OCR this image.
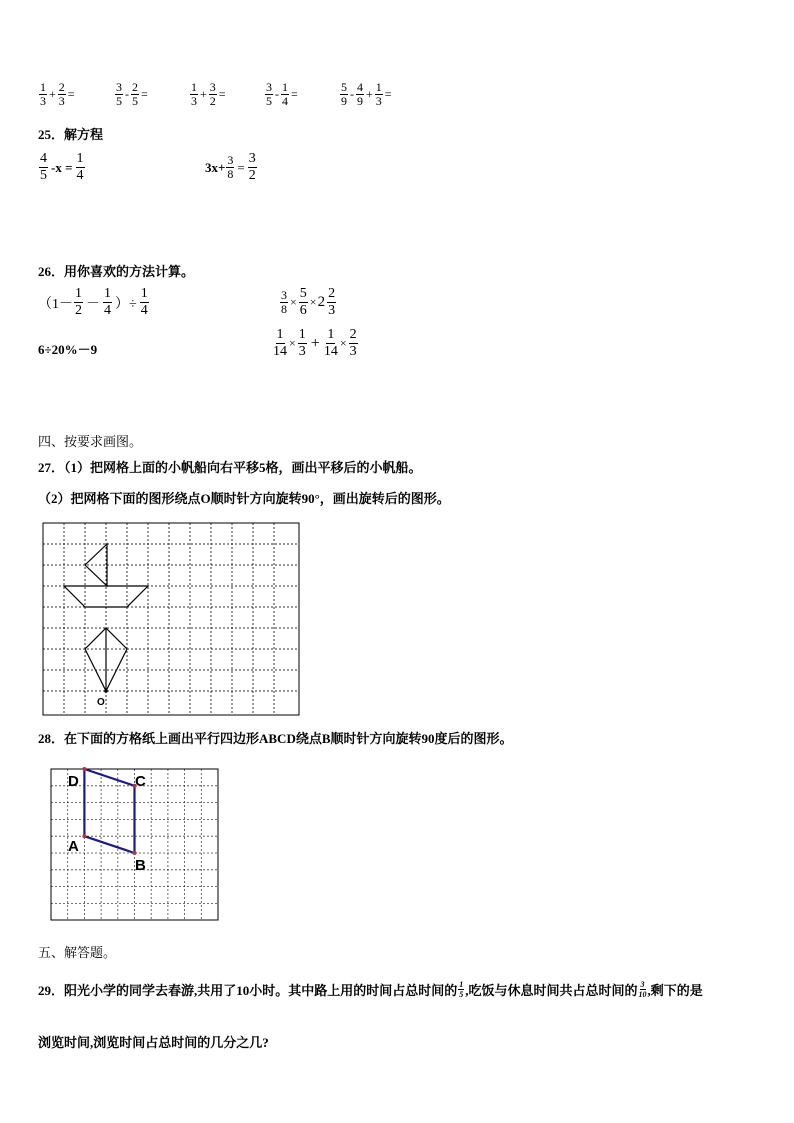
$\frac{1}{3} + \frac{2}{3}$ =	$\frac{3}{5} - \frac{2}{5}$ =	$\frac{1}{3} + \frac{3}{2}$ =	$\frac{3}{5} - \frac{1}{4}$ =	$\frac{5}{9} - \frac{4}{9} + \frac{1}{3}$ =
25．解方程
$\frac{4}{5} -x = \frac{1}{4}$	$3x+ \frac{3}{8} = \frac{3}{2}$
26．用你喜欢的方法计算。
（$1- \frac{1}{2} - \frac{1}{4}$ ）÷ $\frac{1}{4}$	$\frac{3}{8} \times \frac{5}{6} \times 2 \frac{2}{3}$
6÷20%－9	$\frac{1}{14} \times \frac{1}{3} + \frac{1}{14} \times \frac{2}{3}$
四、按要求画图。
27．（1）把网格上面的小帆船向右平移5格，画出平移后的小帆船。
（2）把网格下面的图形绕点O顺时针方向旋转90°，画出旋转后的图形。
O
28．在下面的方格纸上画出平行四边形ABCD绕点B顺时针方向旋转90度后的图形。
D	C
A
B
五、解答题。
29．阳光小学的同学去春游,共用了10小时。其中路上用的时间占总时间的 $\frac{1}{5}$ ,吃饭与休息时间共占总时间的 $\frac{3}{10}$ ,剩下的是
浏览时间,浏览时间占总时间的几分之几?
